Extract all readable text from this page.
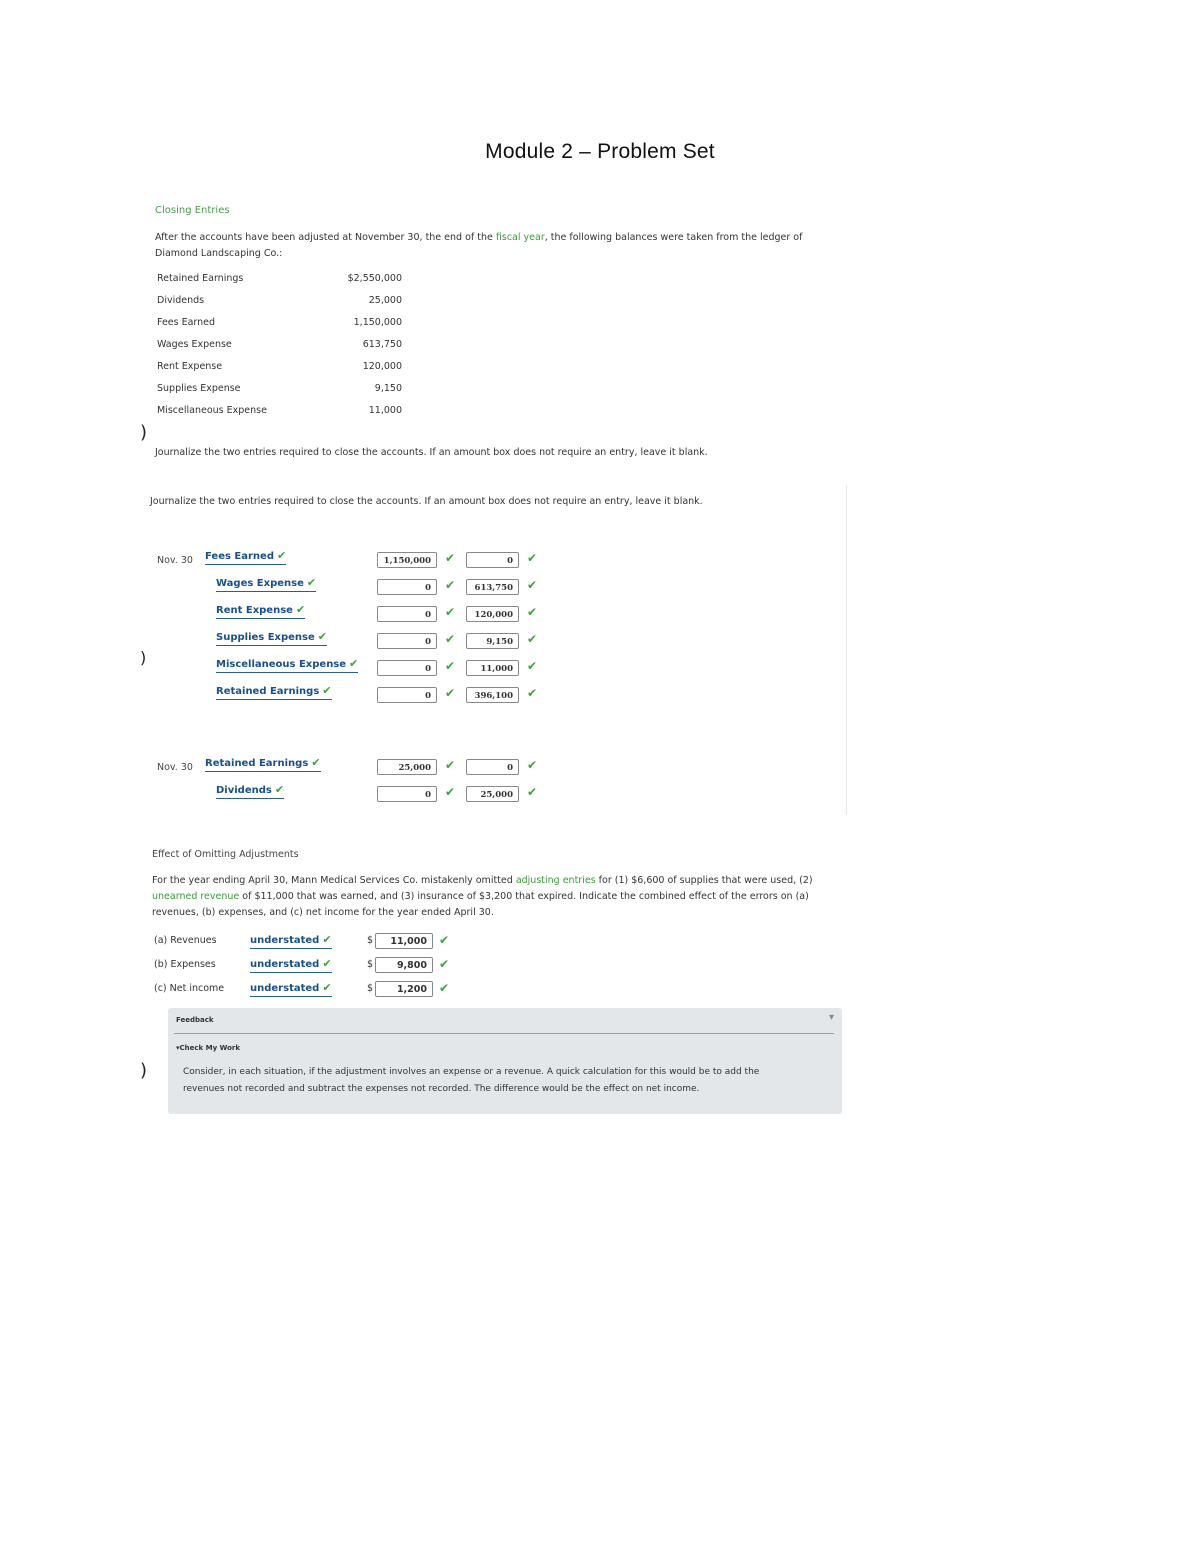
Module 2 – Problem Set
Closing Entries
After the accounts have been adjusted at November 30, the end of the fiscal year, the following balances were taken from the ledger of Diamond Landscaping Co.:
Retained Earnings	$2,550,000
Dividends	25,000
Fees Earned	1,150,000
Wages Expense	613,750
Rent Expense	120,000
Supplies Expense	9,150
Miscellaneous Expense	11,000
)
Journalize the two entries required to close the accounts. If an amount box does not require an entry, leave it blank.
Journalize the two entries required to close the accounts. If an amount box does not require an entry, leave it blank.
Nov. 30
)
Fees Earned ✔	1,150,000	✔	0	✔
Wages Expense ✔	0	✔	613,750	✔
Rent Expense ✔	0	✔	120,000	✔
Supplies Expense ✔	0	✔	9,150	✔
Miscellaneous Expense ✔	0	✔	11,000	✔
Retained Earnings ✔	0	✔	396,100	✔
Nov. 30 Retained Earnings ✔	25,000	✔	0	✔
Dividends ✔	0	✔	25,000	✔
Effect of Omitting Adjustments
For the year ending April 30, Mann Medical Services Co. mistakenly omitted adjusting entries for (1) $6,600 of supplies that were used, (2)
unearned revenue of $11,000 that was earned, and (3) insurance of $3,200 that expired. Indicate the combined effect of the errors on (a)
revenues, (b) expenses, and (c) net income for the year ended April 30.
(a) Revenues	understated ✔	$	11,000	✔
(b) Expenses	understated ✔	$	9,800	✔
(c) Net income	understated ✔	$	1,200	✔
)
Feedback	▾
▾Check My Work
Consider, in each situation, if the adjustment involves an expense or a revenue. A quick calculation for this would be to add the
revenues not recorded and subtract the expenses not recorded. The difference would be the effect on net income.
